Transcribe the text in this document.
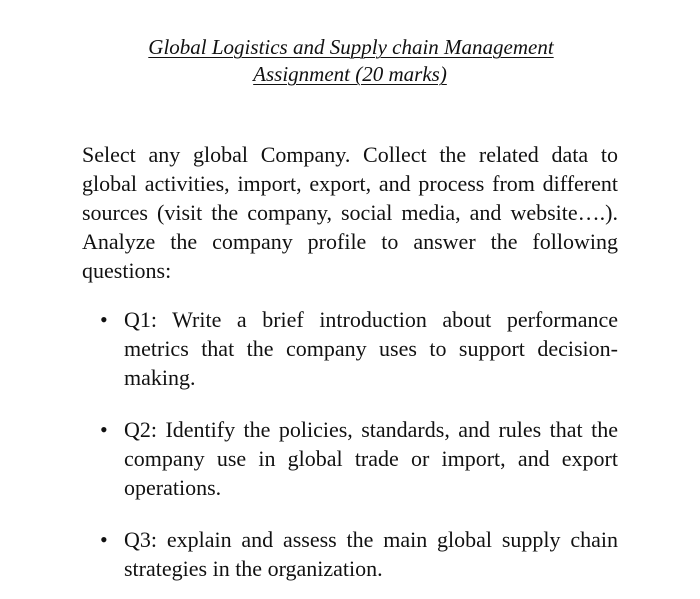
Global Logistics and Supply chain Management
Assignment (20 marks)
Select any global Company. Collect the related data to global activities, import, export, and process from different sources (visit the company, social media, and website….). Analyze the company profile to answer the following questions:
• Q1: Write a brief introduction about performance metrics that the company uses to support decision-making.
• Q2: Identify the policies, standards, and rules that the company use in global trade or import, and export operations.
• Q3: explain and assess the main global supply chain strategies in the organization.
